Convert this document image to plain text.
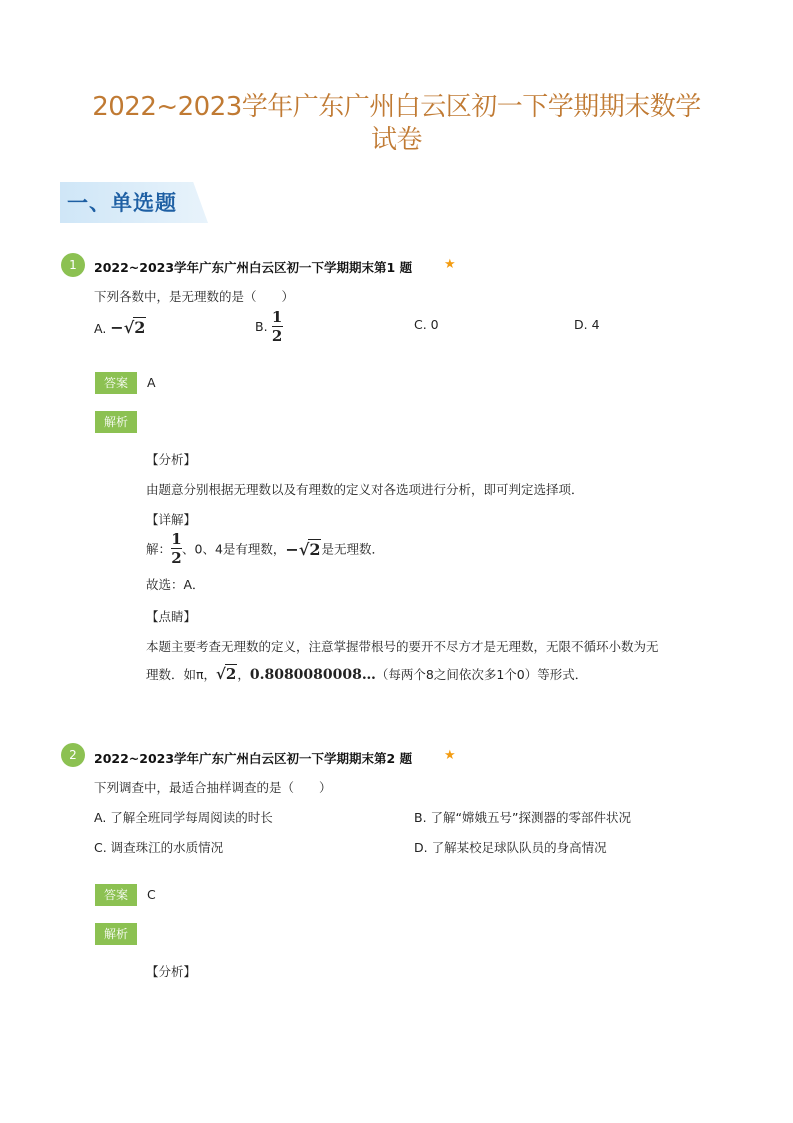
2022~2023学年广东广州白云区初一下学期期末数学
试卷
一、单选题
1	2022~2023学年广东广州白云区初一下学期期末第1 题 ★
下列各数中，是无理数的是（　　）
A. −√2	B. $\frac{1}{2}$	C. 0	D. 4
答案	A
解析
【分析】
由题意分别根据无理数以及有理数的定义对各选项进行分析，即可判定选择项．
【详解】
解： $\frac{1}{2}$ 、0、4是有理数，−√2是无理数．
故选：A．
【点睛】
本题主要考查无理数的定义，注意掌握带根号的要开不尽方才是无理数，无限不循环小数为无
理数．如π，√2，0.8080080008…（每两个8之间依次多1个0）等形式．
2	2022~2023学年广东广州白云区初一下学期期末第2 题 ★
下列调查中，最适合抽样调查的是（　　）
A. 了解全班同学每周阅读的时长	B. 了解“嫦娥五号”探测器的零部件状况
C. 调查珠江的水质情况	D. 了解某校足球队队员的身高情况
答案	C
解析
【分析】
